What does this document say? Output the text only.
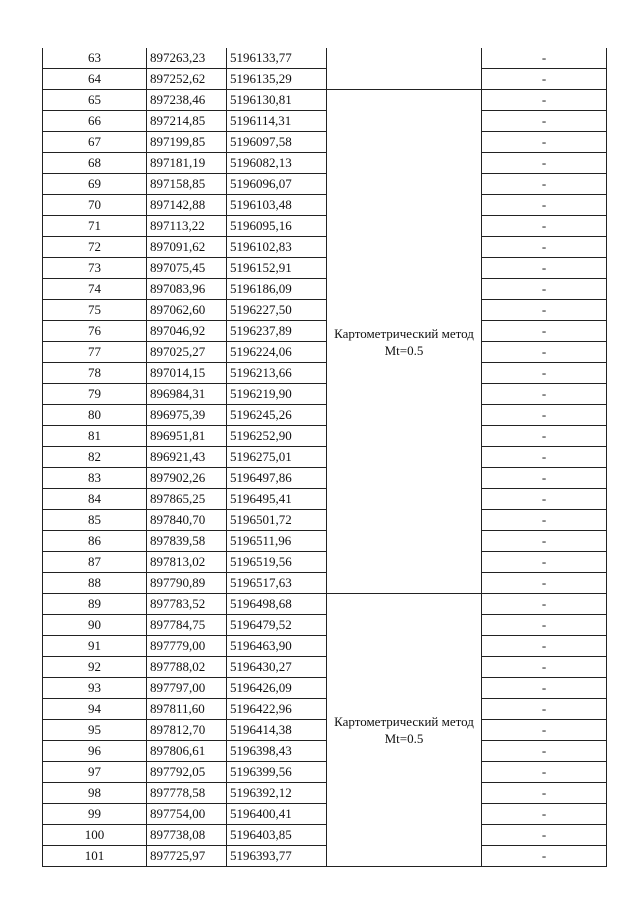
63	897263,23	5196133,77		-
64	897252,62	5196135,29		-
65	897238,46	5196130,81	Картометрический метод Mt=0.5	-
66	897214,85	5196114,31		-
67	897199,85	5196097,58		-
68	897181,19	5196082,13		-
69	897158,85	5196096,07		-
70	897142,88	5196103,48		-
71	897113,22	5196095,16		-
72	897091,62	5196102,83		-
73	897075,45	5196152,91		-
74	897083,96	5196186,09		-
75	897062,60	5196227,50		-
76	897046,92	5196237,89		-
77	897025,27	5196224,06		-
78	897014,15	5196213,66		-
79	896984,31	5196219,90		-
80	896975,39	5196245,26		-
81	896951,81	5196252,90		-
82	896921,43	5196275,01		-
83	897902,26	5196497,86		-
84	897865,25	5196495,41		-
85	897840,70	5196501,72		-
86	897839,58	5196511,96		-
87	897813,02	5196519,56		-
88	897790,89	5196517,63		-
89	897783,52	5196498,68	Картометрический метод Mt=0.5	-
90	897784,75	5196479,52		-
91	897779,00	5196463,90		-
92	897788,02	5196430,27		-
93	897797,00	5196426,09		-
94	897811,60	5196422,96		-
95	897812,70	5196414,38		-
96	897806,61	5196398,43		-
97	897792,05	5196399,56		-
98	897778,58	5196392,12		-
99	897754,00	5196400,41		-
100	897738,08	5196403,85		-
101	897725,97	5196393,77		-
